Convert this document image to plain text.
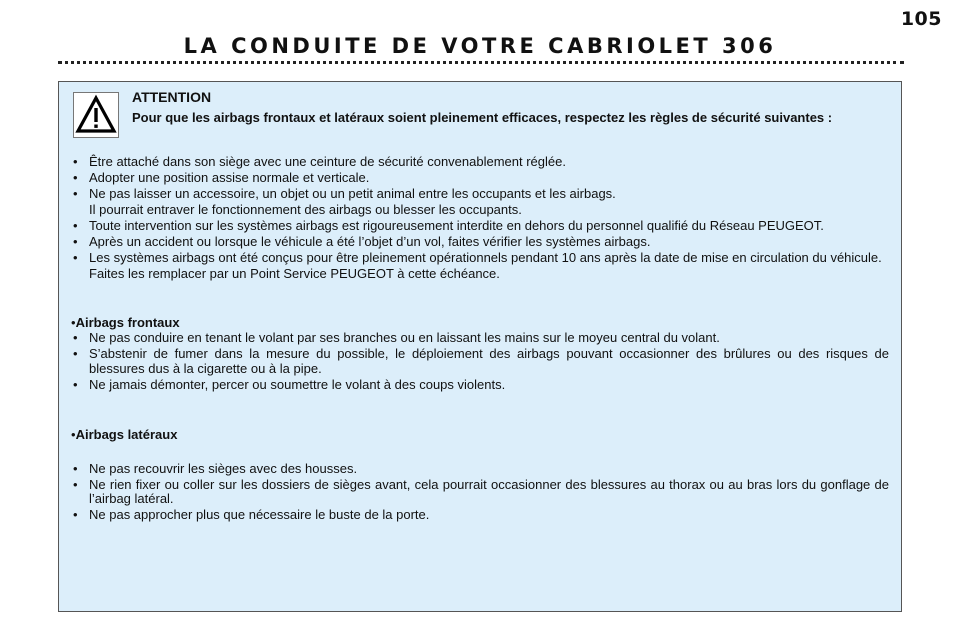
105
LA CONDUITE DE VOTRE CABRIOLET 306
ATTENTION
Pour que les airbags frontaux et latéraux soient pleinement efficaces, respectez les règles de sécurité suivantes :
• Être attaché dans son siège avec une ceinture de sécurité convenablement réglée.
• Adopter une position assise normale et verticale.
• Ne pas laisser un accessoire, un objet ou un petit animal entre les occupants et les airbags.
Il pourrait entraver le fonctionnement des airbags ou blesser les occupants.
• Toute intervention sur les systèmes airbags est rigoureusement interdite en dehors du personnel qualifié du Réseau PEUGEOT.
• Après un accident ou lorsque le véhicule a été l’objet d’un vol, faites vérifier les systèmes airbags.
• Les systèmes airbags ont été conçus pour être pleinement opérationnels pendant 10 ans après la date de mise en circulation du véhicule.
Faites les remplacer par un Point Service PEUGEOT à cette échéance.
• Airbags frontaux
• Ne pas conduire en tenant le volant par ses branches ou en laissant les mains sur le moyeu central du volant.
• S’abstenir de fumer dans la mesure du possible, le déploiement des airbags pouvant occasionner des brûlures ou des risques de blessures dus à la cigarette ou à la pipe.
• Ne jamais démonter, percer ou soumettre le volant à des coups violents.
• Airbags latéraux
• Ne pas recouvrir les sièges avec des housses.
• Ne rien fixer ou coller sur les dossiers de sièges avant, cela pourrait occasionner des blessures au thorax ou au bras lors du gonflage de l’airbag latéral.
• Ne pas approcher plus que nécessaire le buste de la porte.
